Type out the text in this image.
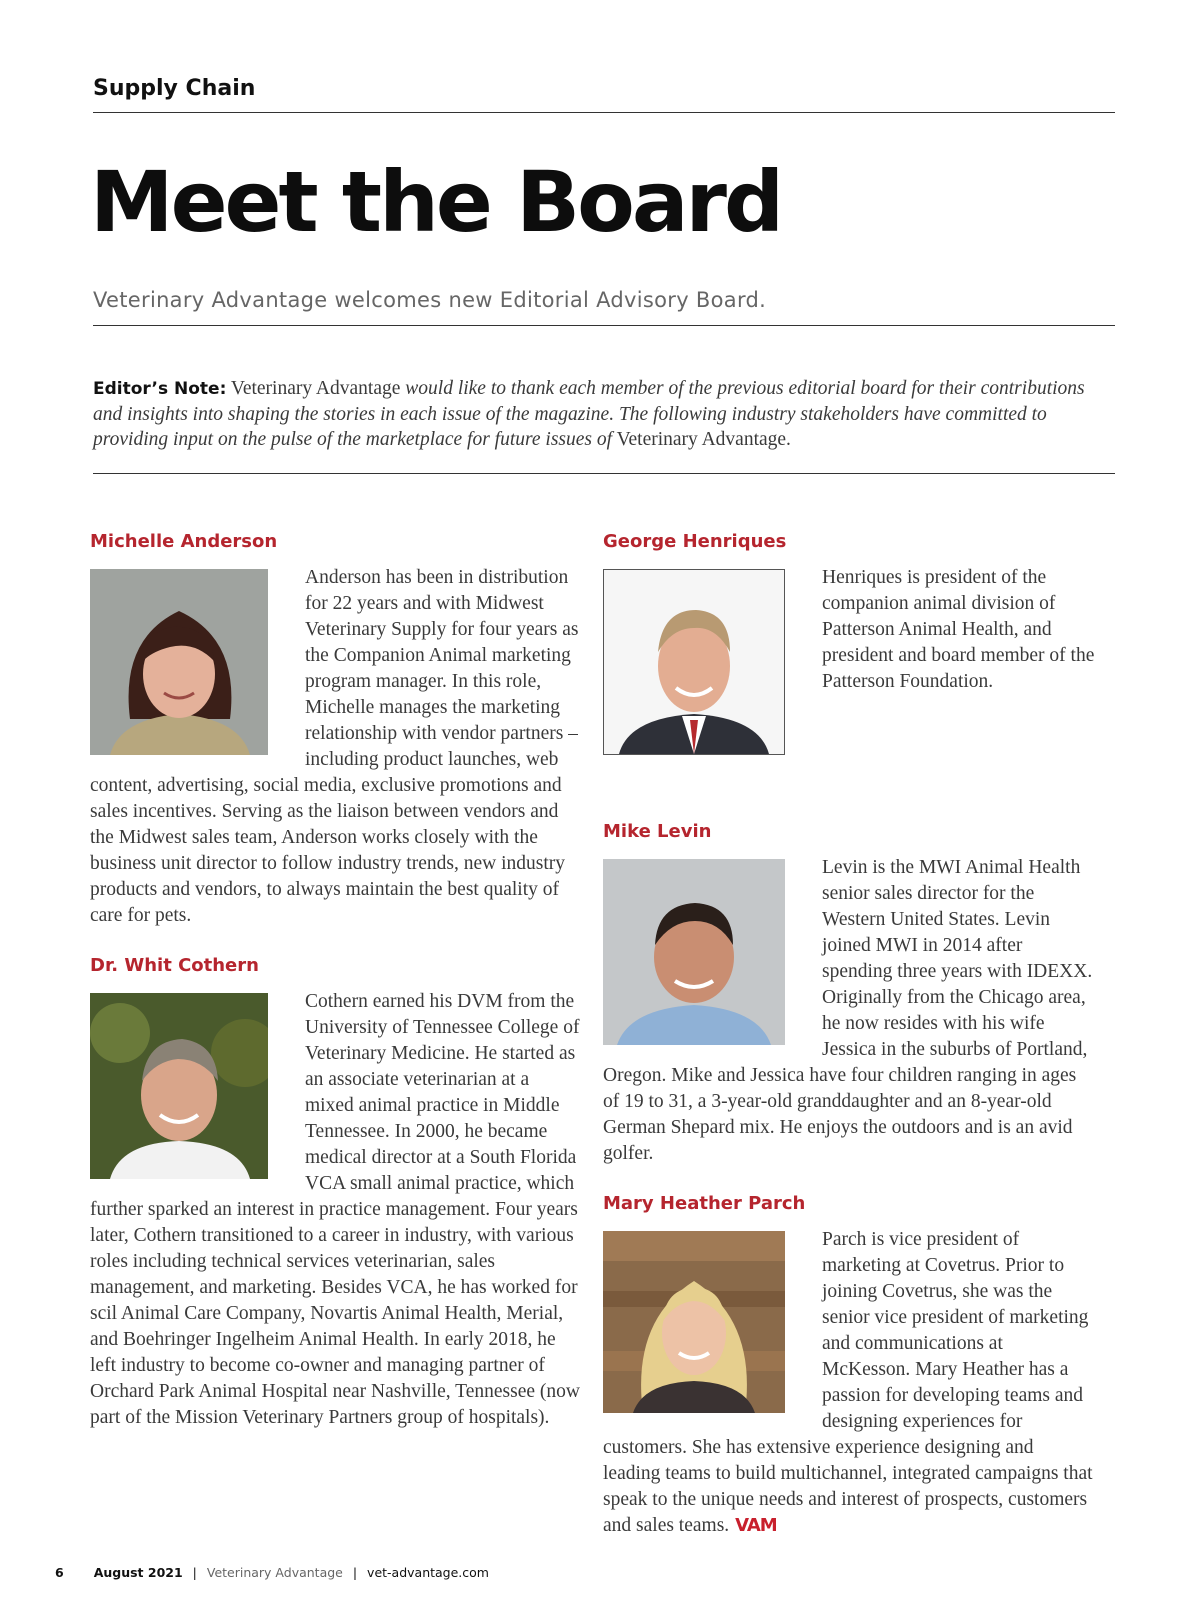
Supply Chain
Meet the Board
Veterinary Advantage welcomes new Editorial Advisory Board.
Editor’s Note: Veterinary Advantage would like to thank each member of the previous editorial board for their contributions and insights into shaping the stories in each issue of the magazine. The following industry stakeholders have committed to providing input on the pulse of the marketplace for future issues of Veterinary Advantage.
Michelle Anderson

Anderson has been in distribution for 22 years and with Midwest Veterinary Supply for four years as the Companion Animal marketing program manager. In this role, Michelle manages the marketing relationship with vendor partners – including product launches, web content, advertising, social media, exclusive promotions and sales incentives. Serving as the liaison between vendors and the Midwest sales team, Anderson works closely with the business unit director to follow industry trends, new industry products and vendors, to always maintain the best quality of care for pets.

Dr. Whit Cothern

Cothern earned his DVM from the University of Tennessee College of Veterinary Medicine. He started as an associate veterinarian at a mixed animal practice in Middle Tennessee. In 2000, he became medical director at a South Florida VCA small animal practice, which further sparked an interest in practice management. Four years later, Cothern transitioned to a career in industry, with various roles including technical services veterinarian, sales management, and marketing. Besides VCA, he has worked for scil Animal Care Company, Novartis Animal Health, Merial, and Boehringer Ingelheim Animal Health. In early 2018, he left industry to become co-owner and managing partner of Orchard Park Animal Hospital near Nashville, Tennessee (now part of the Mission Veterinary Partners group of hospitals).

George Henriques

Henriques is president of the companion animal division of Patterson Animal Health, and president and board member of the Patterson Foundation.

Mike Levin

Levin is the MWI Animal Health senior sales director for the Western United States. Levin joined MWI in 2014 after spending three years with IDEXX. Originally from the Chicago area, he now resides with his wife Jessica in the suburbs of Portland, Oregon. Mike and Jessica have four children ranging in ages of 19 to 31, a 3-year-old granddaughter and an 8-year-old German Shepard mix. He enjoys the outdoors and is an avid golfer.

Mary Heather Parch

Parch is vice president of marketing at Covetrus. Prior to joining Covetrus, she was the senior vice president of marketing and communications at McKesson. Mary Heather has a passion for developing teams and designing experiences for customers. She has extensive experience designing and leading teams to build multichannel, integrated campaigns that speak to the unique needs and interest of prospects, customers and sales teams. VAM

6 August 2021 | Veterinary Advantage | vet-advantage.com
